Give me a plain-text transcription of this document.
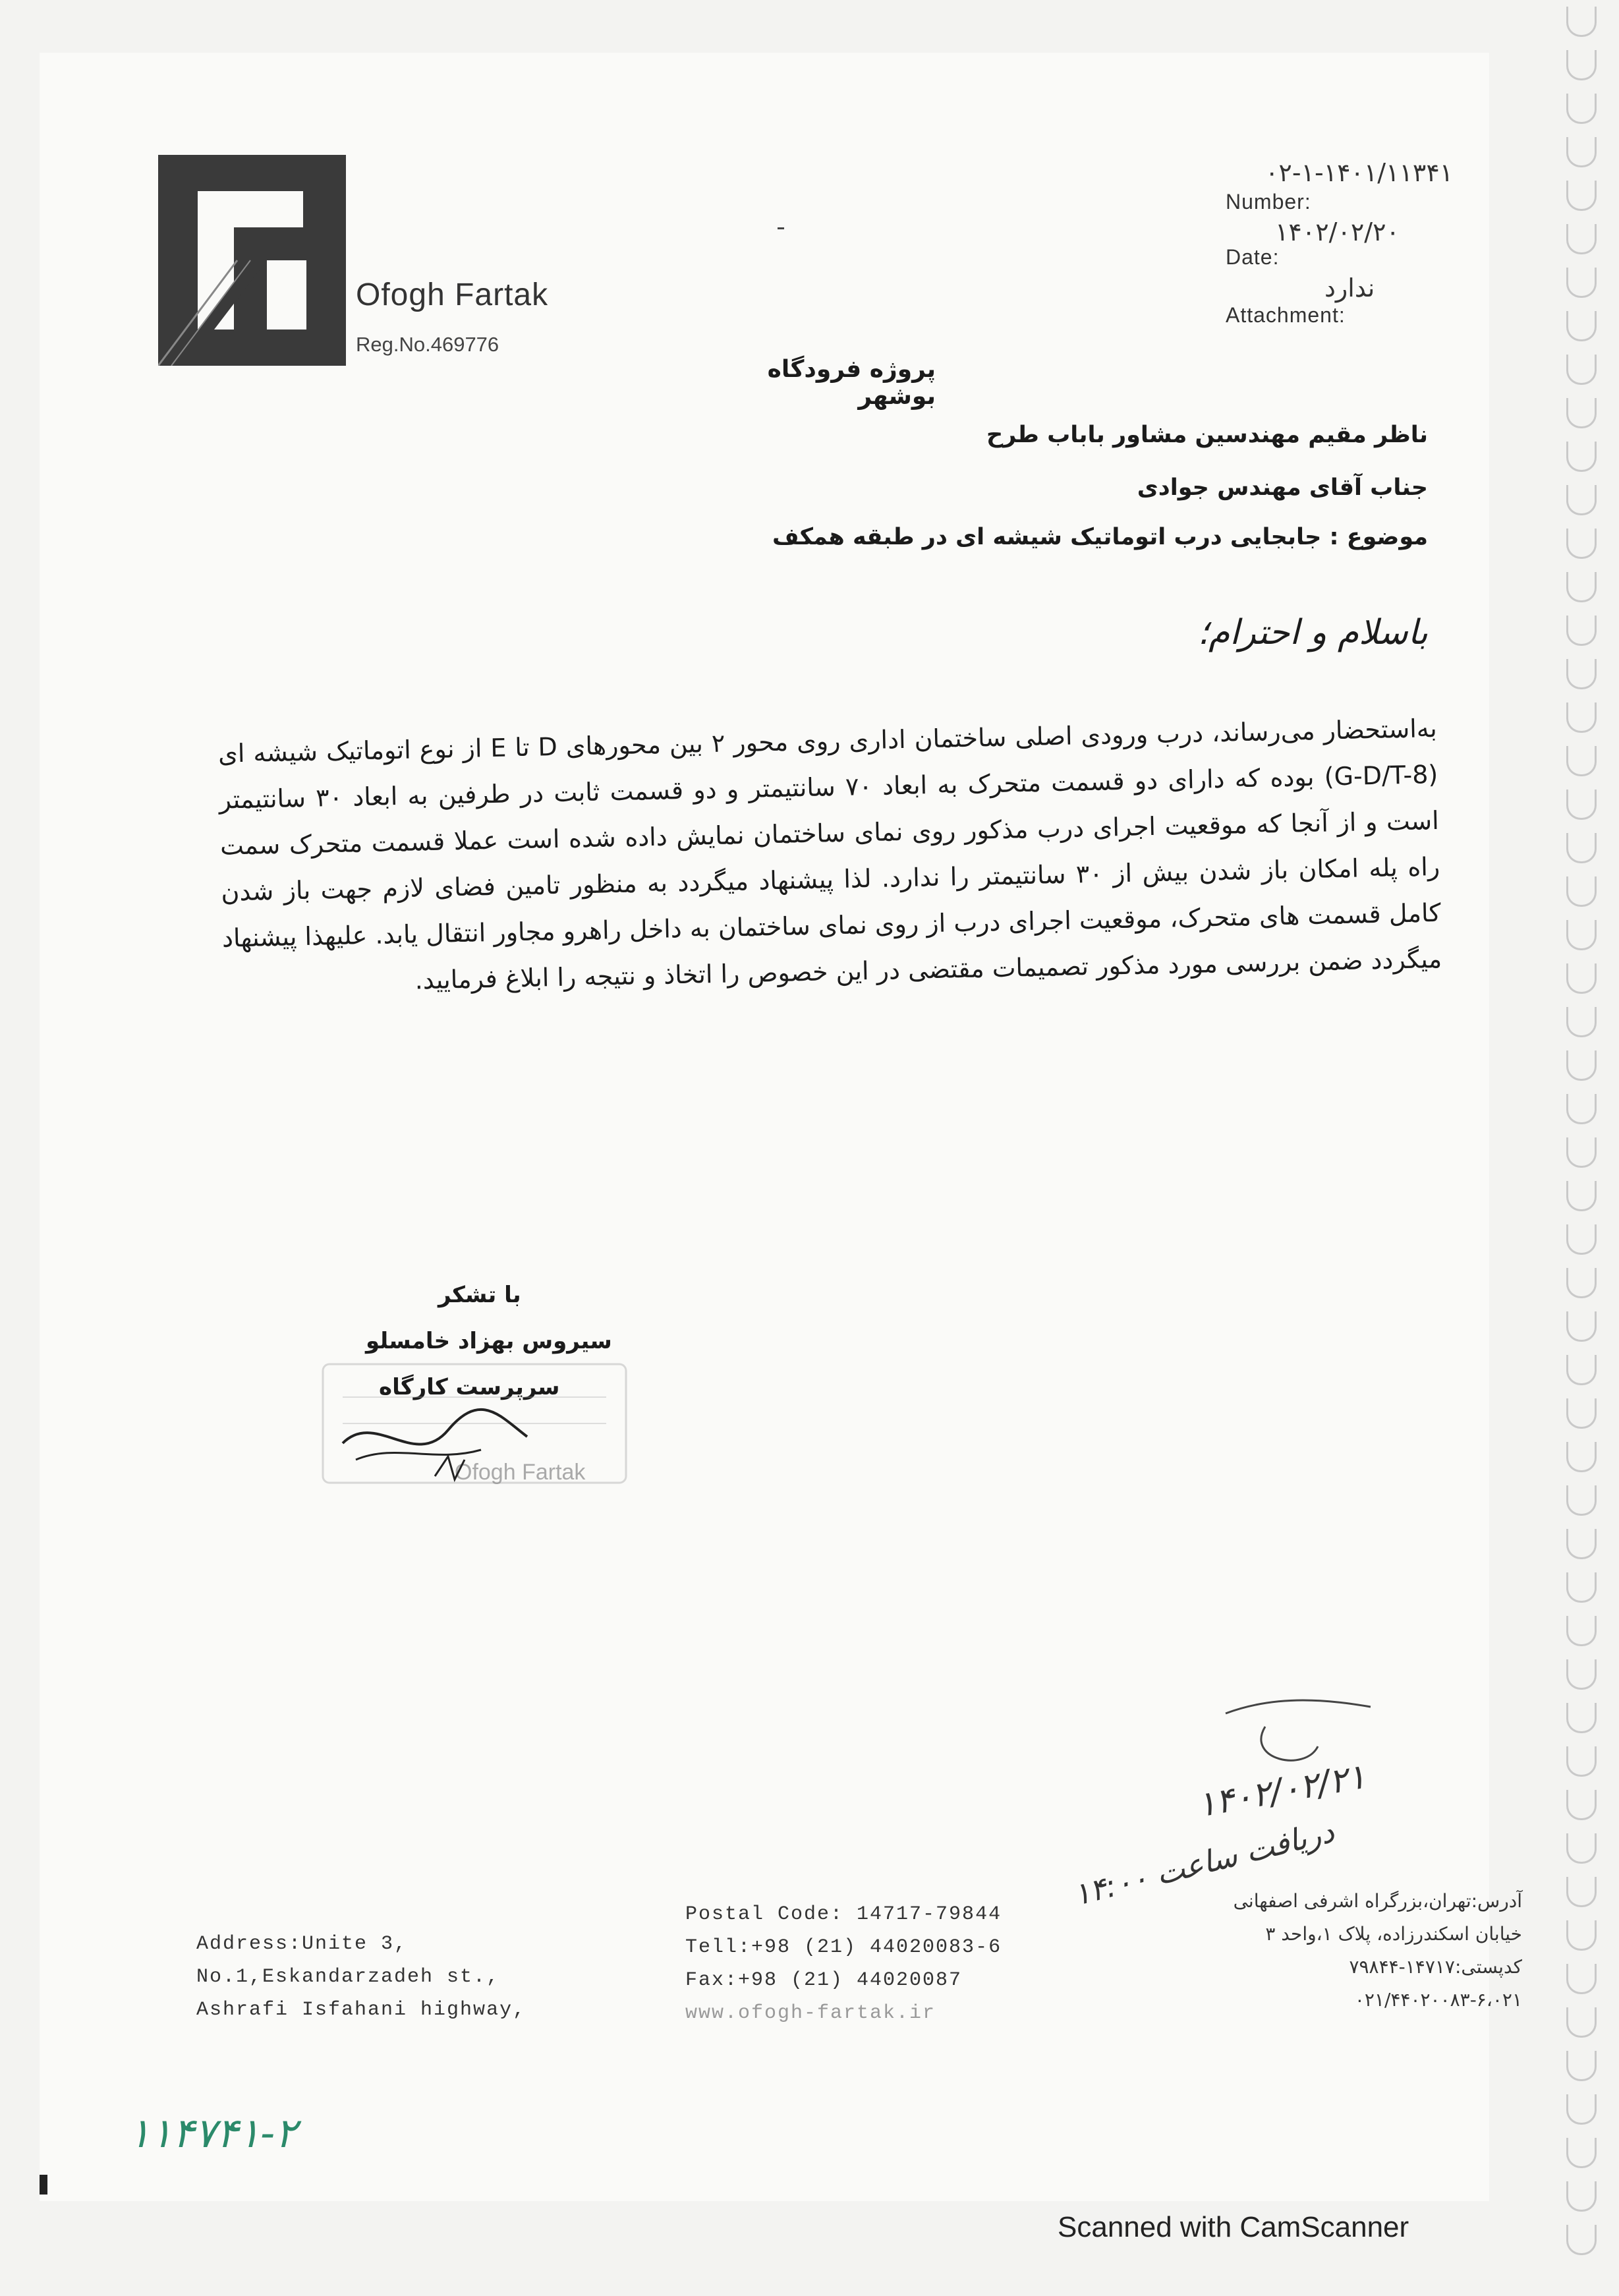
Ofogh Fartak
Reg.No.469776
۰۲-۱-۱۴۰۱/۱۱۳۴۱
Number:
۱۴۰۲/۰۲/۲۰
Date:
ندارد
Attachment:
پروژه فرودگاه بوشهر
ناظر مقیم مهندسین مشاور باباب طرح
جناب آقای مهندس جوادی
موضوع : جابجایی درب اتوماتیک شیشه ای در طبقه همکف
باسلام و احترام؛
به‌استحضار می‌رساند، درب ورودی اصلی ساختمان اداری روی محور ۲ بین محورهای D تا E از نوع اتوماتیک شیشه ای (G-D/T-8) بوده که دارای دو قسمت متحرک به ابعاد ۷۰ سانتیمتر و دو قسمت ثابت در طرفین به ابعاد ۳۰ سانتیمتر است و از آنجا که موقعیت اجرای درب مذکور روی نمای ساختمان نمایش داده شده است عملا قسمت متحرک سمت راه پله امکان باز شدن بیش از ۳۰ سانتیمتر را ندارد. لذا پیشنهاد میگردد به منظور تامین فضای لازم جهت باز شدن کامل قسمت های متحرک، موقعیت اجرای درب از روی نمای ساختمان به داخل راهرو مجاور انتقال یابد. علیهذا پیشنهاد میگردد ضمن بررسی مورد مذکور تصمیمات مقتضی در این خصوص را اتخاذ و نتیجه را ابلاغ فرمایید.
با تشکر
سیروس بهزاد خامسلو
سرپرست کارگاه
Ofogh Fartak
۱۴۰۲/۰۲/۲۱
دریافت ساعت ۱۴:۰۰
Address:Unite 3,
No.1,Eskandarzadeh st.,
Ashrafi Isfahani highway,
Postal Code: 14717-79844
Tell:+98 (21) 44020083-6
Fax:+98 (21) 44020087
www.ofogh-fartak.ir
آدرس:تهران،بزرگراه اشرفی اصفهانی
خیابان اسکندرزاده، پلاک ۱،واحد ۳
کدپستی:۱۴۷۱۷-۷۹۸۴۴
۰۲۱/۴۴۰۲۰۰۸۳-۶،۰۲۱
۱۱۴۷۴۱-۲
Scanned with CamScanner
